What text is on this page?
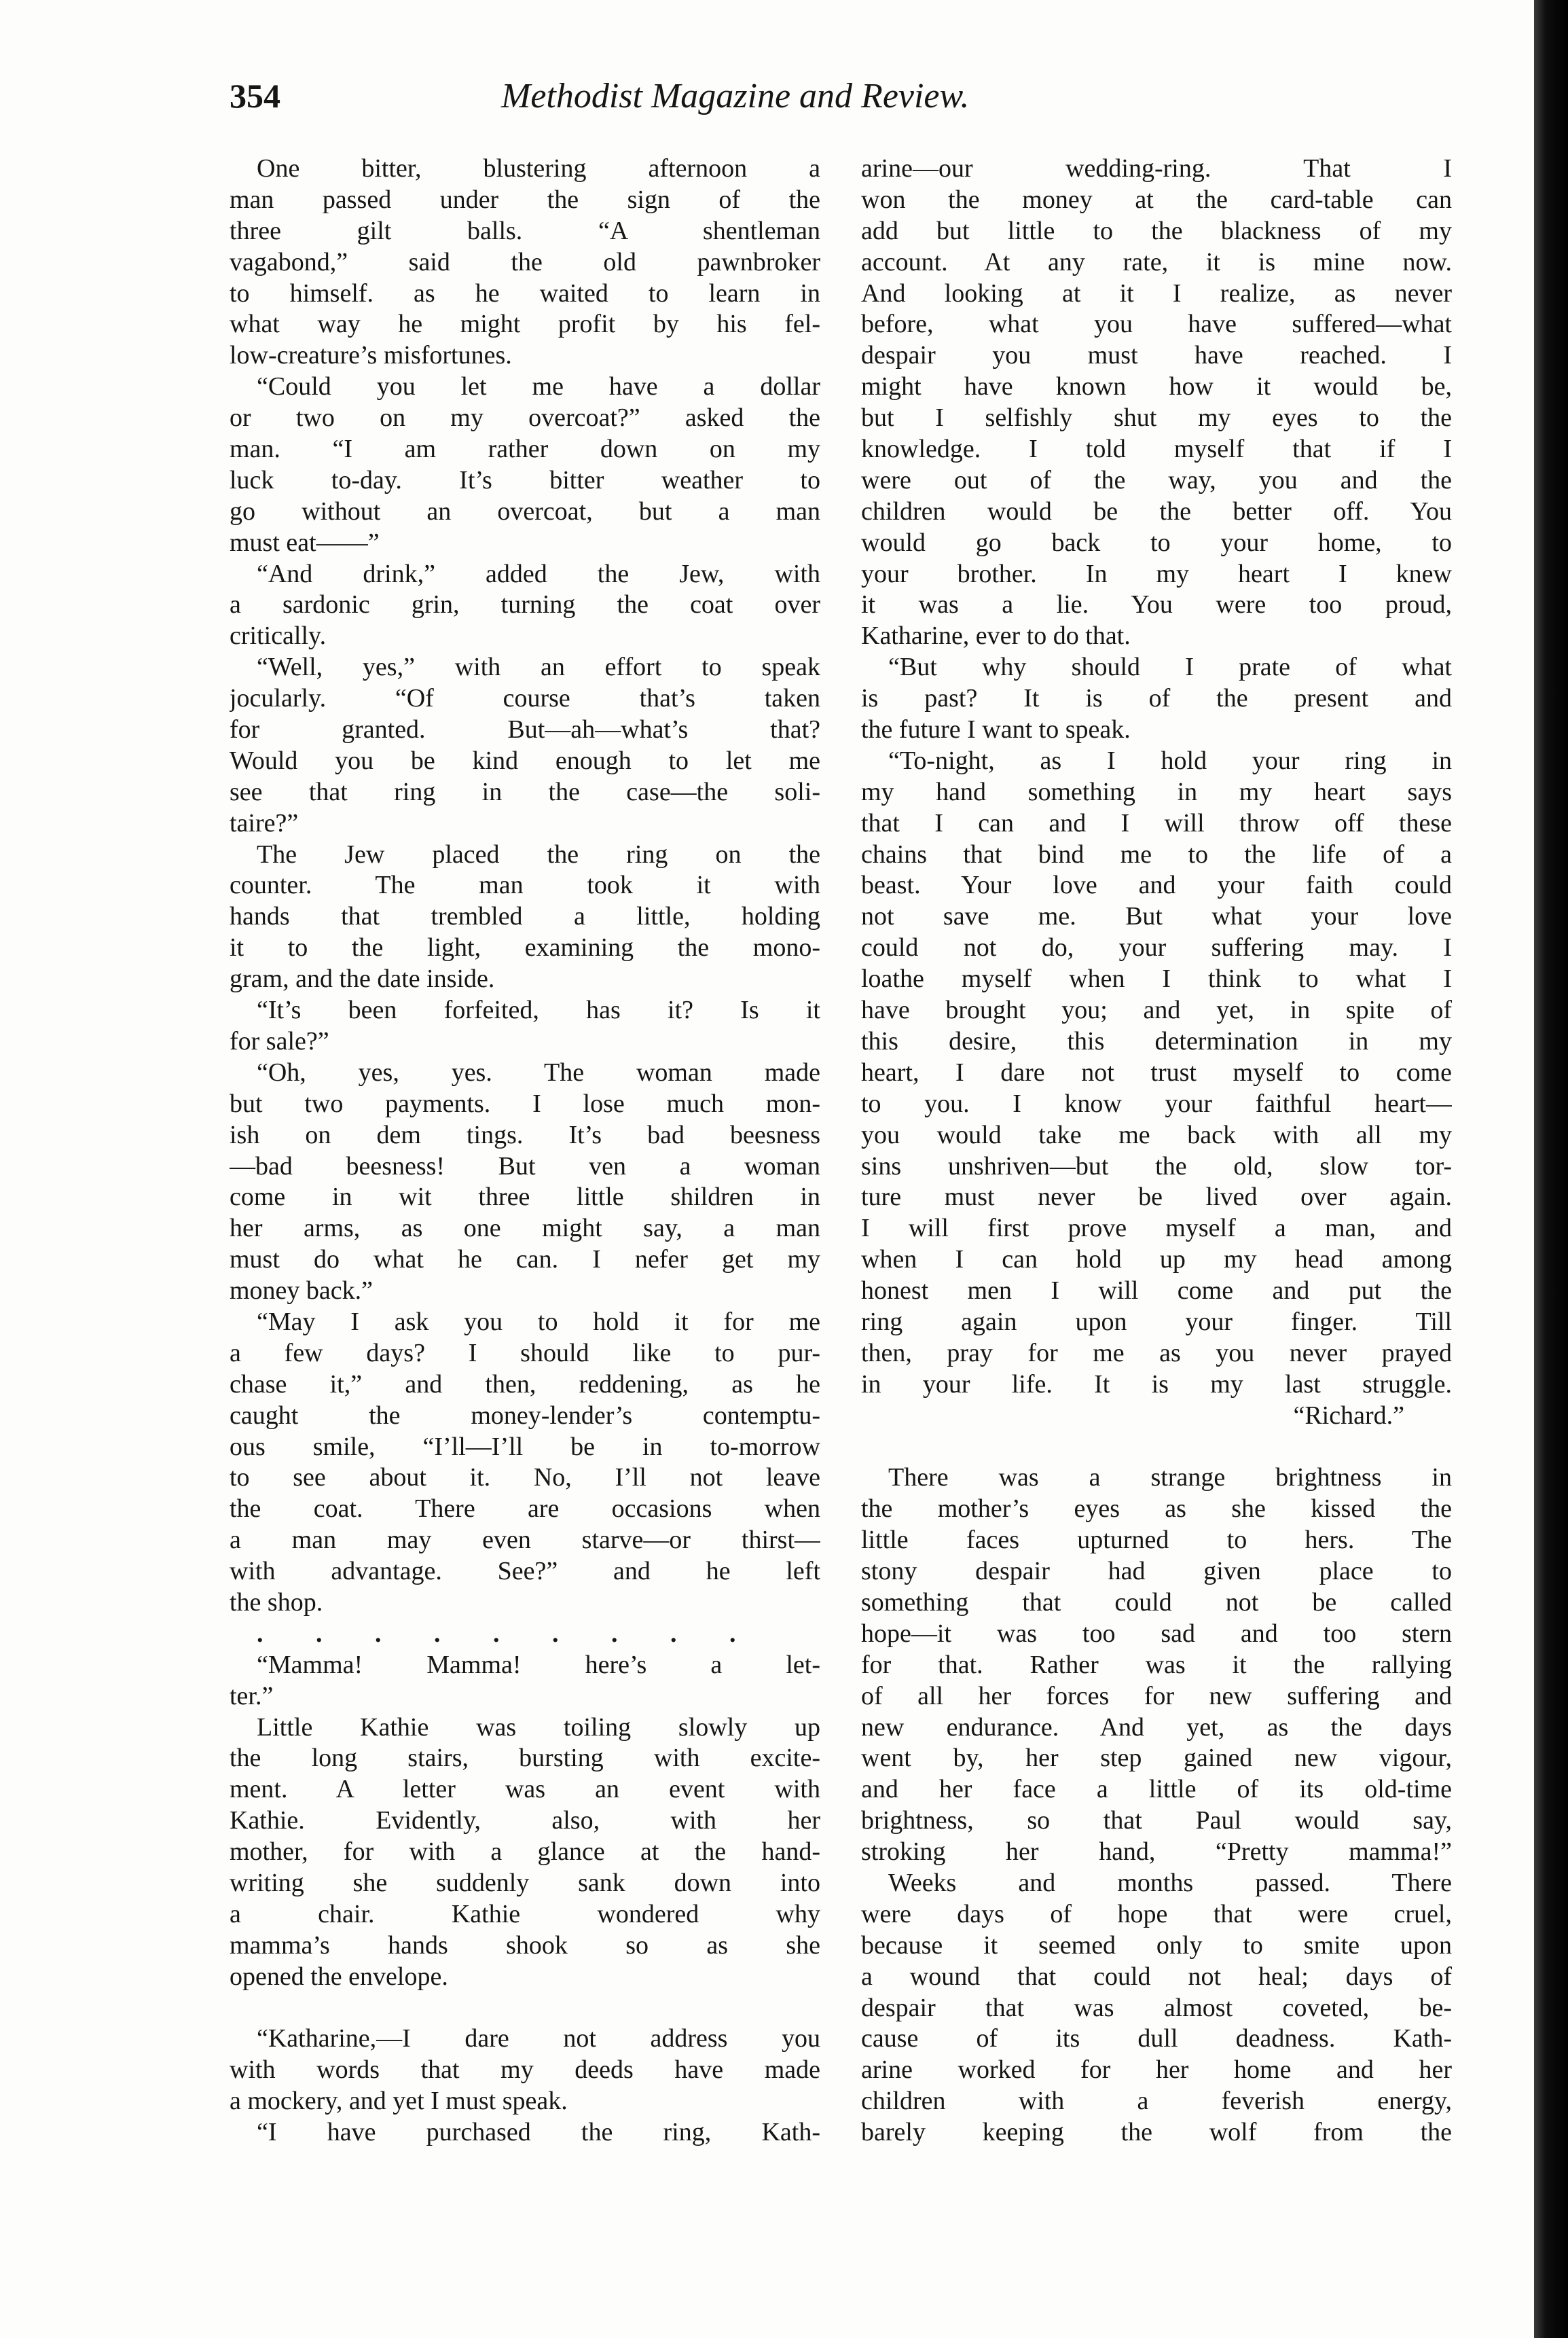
354	Methodist Magazine and Review.
One bitter, blustering afternoon a
man passed under the sign of the
three gilt balls. “A shentleman
vagabond,” said the old pawnbroker
to himself. as he waited to learn in
what way he might profit by his fel-
low-creature’s misfortunes.
“Could you let me have a dollar
or two on my overcoat?” asked the
man. “I am rather down on my
luck to-day. It’s bitter weather to
go without an overcoat, but a man
must eat——”
“And drink,” added the Jew, with
a sardonic grin, turning the coat over
critically.
“Well, yes,” with an effort to speak
jocularly. “Of course that’s taken
for granted. But—ah—what’s that?
Would you be kind enough to let me
see that ring in the case—the soli-
taire?”
The Jew placed the ring on the
counter. The man took it with
hands that trembled a little, holding
it to the light, examining the mono-
gram, and the date inside.
“It’s been forfeited, has it? Is it
for sale?”
“Oh, yes, yes. The woman made
but two payments. I lose much mon-
ish on dem tings. It’s bad beesness
—bad beesness! But ven a woman
come in wit three little shildren in
her arms, as one might say, a man
must do what he can. I nefer get my
money back.”
“May I ask you to hold it for me
a few days? I should like to pur-
chase it,” and then, reddening, as he
caught the money-lender’s contemptu-
ous smile, “I’ll—I’ll be in to-morrow
to see about it. No, I’ll not leave
the coat. There are occasions when
a man may even starve—or thirst—
with advantage. See?” and he left
the shop.
. . . . . . . . .
“Mamma! Mamma! here’s a let-
ter.”
Little Kathie was toiling slowly up
the long stairs, bursting with excite-
ment. A letter was an event with
Kathie. Evidently, also, with her
mother, for with a glance at the hand-
writing she suddenly sank down into
a chair. Kathie wondered why
mamma’s hands shook so as she
opened the envelope.
“Katharine,—I dare not address you
with words that my deeds have made
a mockery, and yet I must speak.
“I have purchased the ring, Kath-
arine—our wedding-ring. That I
won the money at the card-table can
add but little to the blackness of my
account. At any rate, it is mine now.
And looking at it I realize, as never
before, what you have suffered—what
despair you must have reached. I
might have known how it would be,
but I selfishly shut my eyes to the
knowledge. I told myself that if I
were out of the way, you and the
children would be the better off. You
would go back to your home, to
your brother. In my heart I knew
it was a lie. You were too proud,
Katharine, ever to do that.
“But why should I prate of what
is past? It is of the present and
the future I want to speak.
“To-night, as I hold your ring in
my hand something in my heart says
that I can and I will throw off these
chains that bind me to the life of a
beast. Your love and your faith could
not save me. But what your love
could not do, your suffering may. I
loathe myself when I think to what I
have brought you; and yet, in spite of
this desire, this determination in my
heart, I dare not trust myself to come
to you. I know your faithful heart—
you would take me back with all my
sins unshriven—but the old, slow tor-
ture must never be lived over again.
I will first prove myself a man, and
when I can hold up my head among
honest men I will come and put the
ring again upon your finger. Till
then, pray for me as you never prayed
in your life. It is my last struggle.
“Richard.”
There was a strange brightness in
the mother’s eyes as she kissed the
little faces upturned to hers. The
stony despair had given place to
something that could not be called
hope—it was too sad and too stern
for that. Rather was it the rallying
of all her forces for new suffering and
new endurance. And yet, as the days
went by, her step gained new vigour,
and her face a little of its old-time
brightness, so that Paul would say,
stroking her hand, “Pretty mamma!”
Weeks and months passed. There
were days of hope that were cruel,
because it seemed only to smite upon
a wound that could not heal; days of
despair that was almost coveted, be-
cause of its dull deadness. Kath-
arine worked for her home and her
children with a feverish energy,
barely keeping the wolf from the
